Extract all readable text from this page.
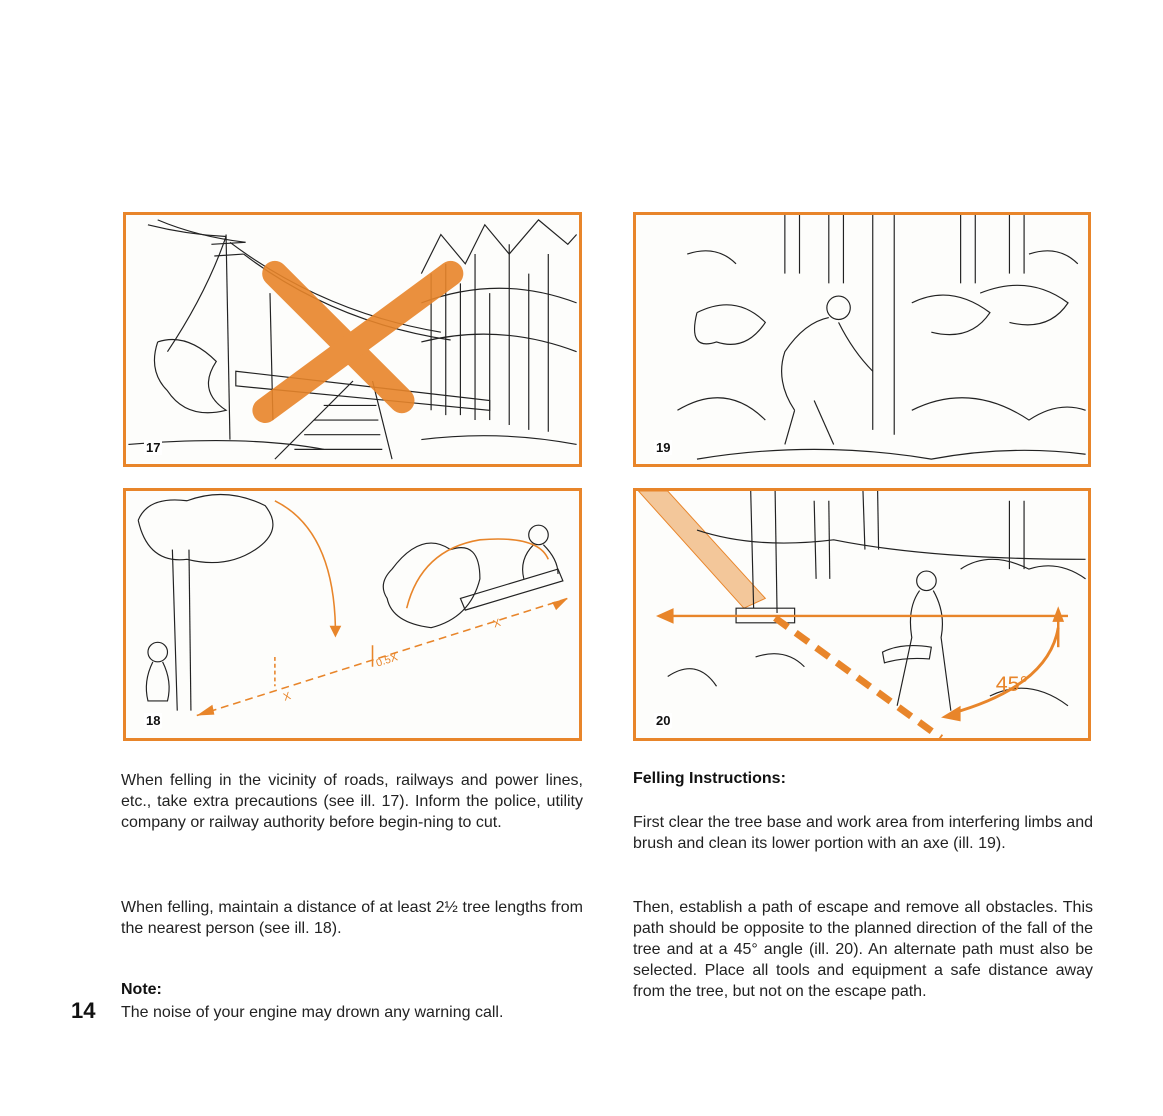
17	19
X
0.5X
X
18
45°
20

When felling in the vicinity of roads, railways and power lines, etc., take extra precautions (see ill. 17). Inform the police, utility company or railway authority before begin-ning to cut.

When felling, maintain a distance of at least 2½ tree lengths from the nearest person (see ill. 18).

Note:

The noise of your engine may drown any warning call.

14

Felling Instructions:

First clear the tree base and work area from interfering limbs and brush and clean its lower portion with an axe (ill. 19).

Then, establish a path of escape and remove all obstacles. This path should be opposite to the planned direction of the fall of the tree and at a 45° angle (ill. 20). An alternate path must also be selected. Place all tools and equipment a safe distance away from the tree, but not on the escape path.
